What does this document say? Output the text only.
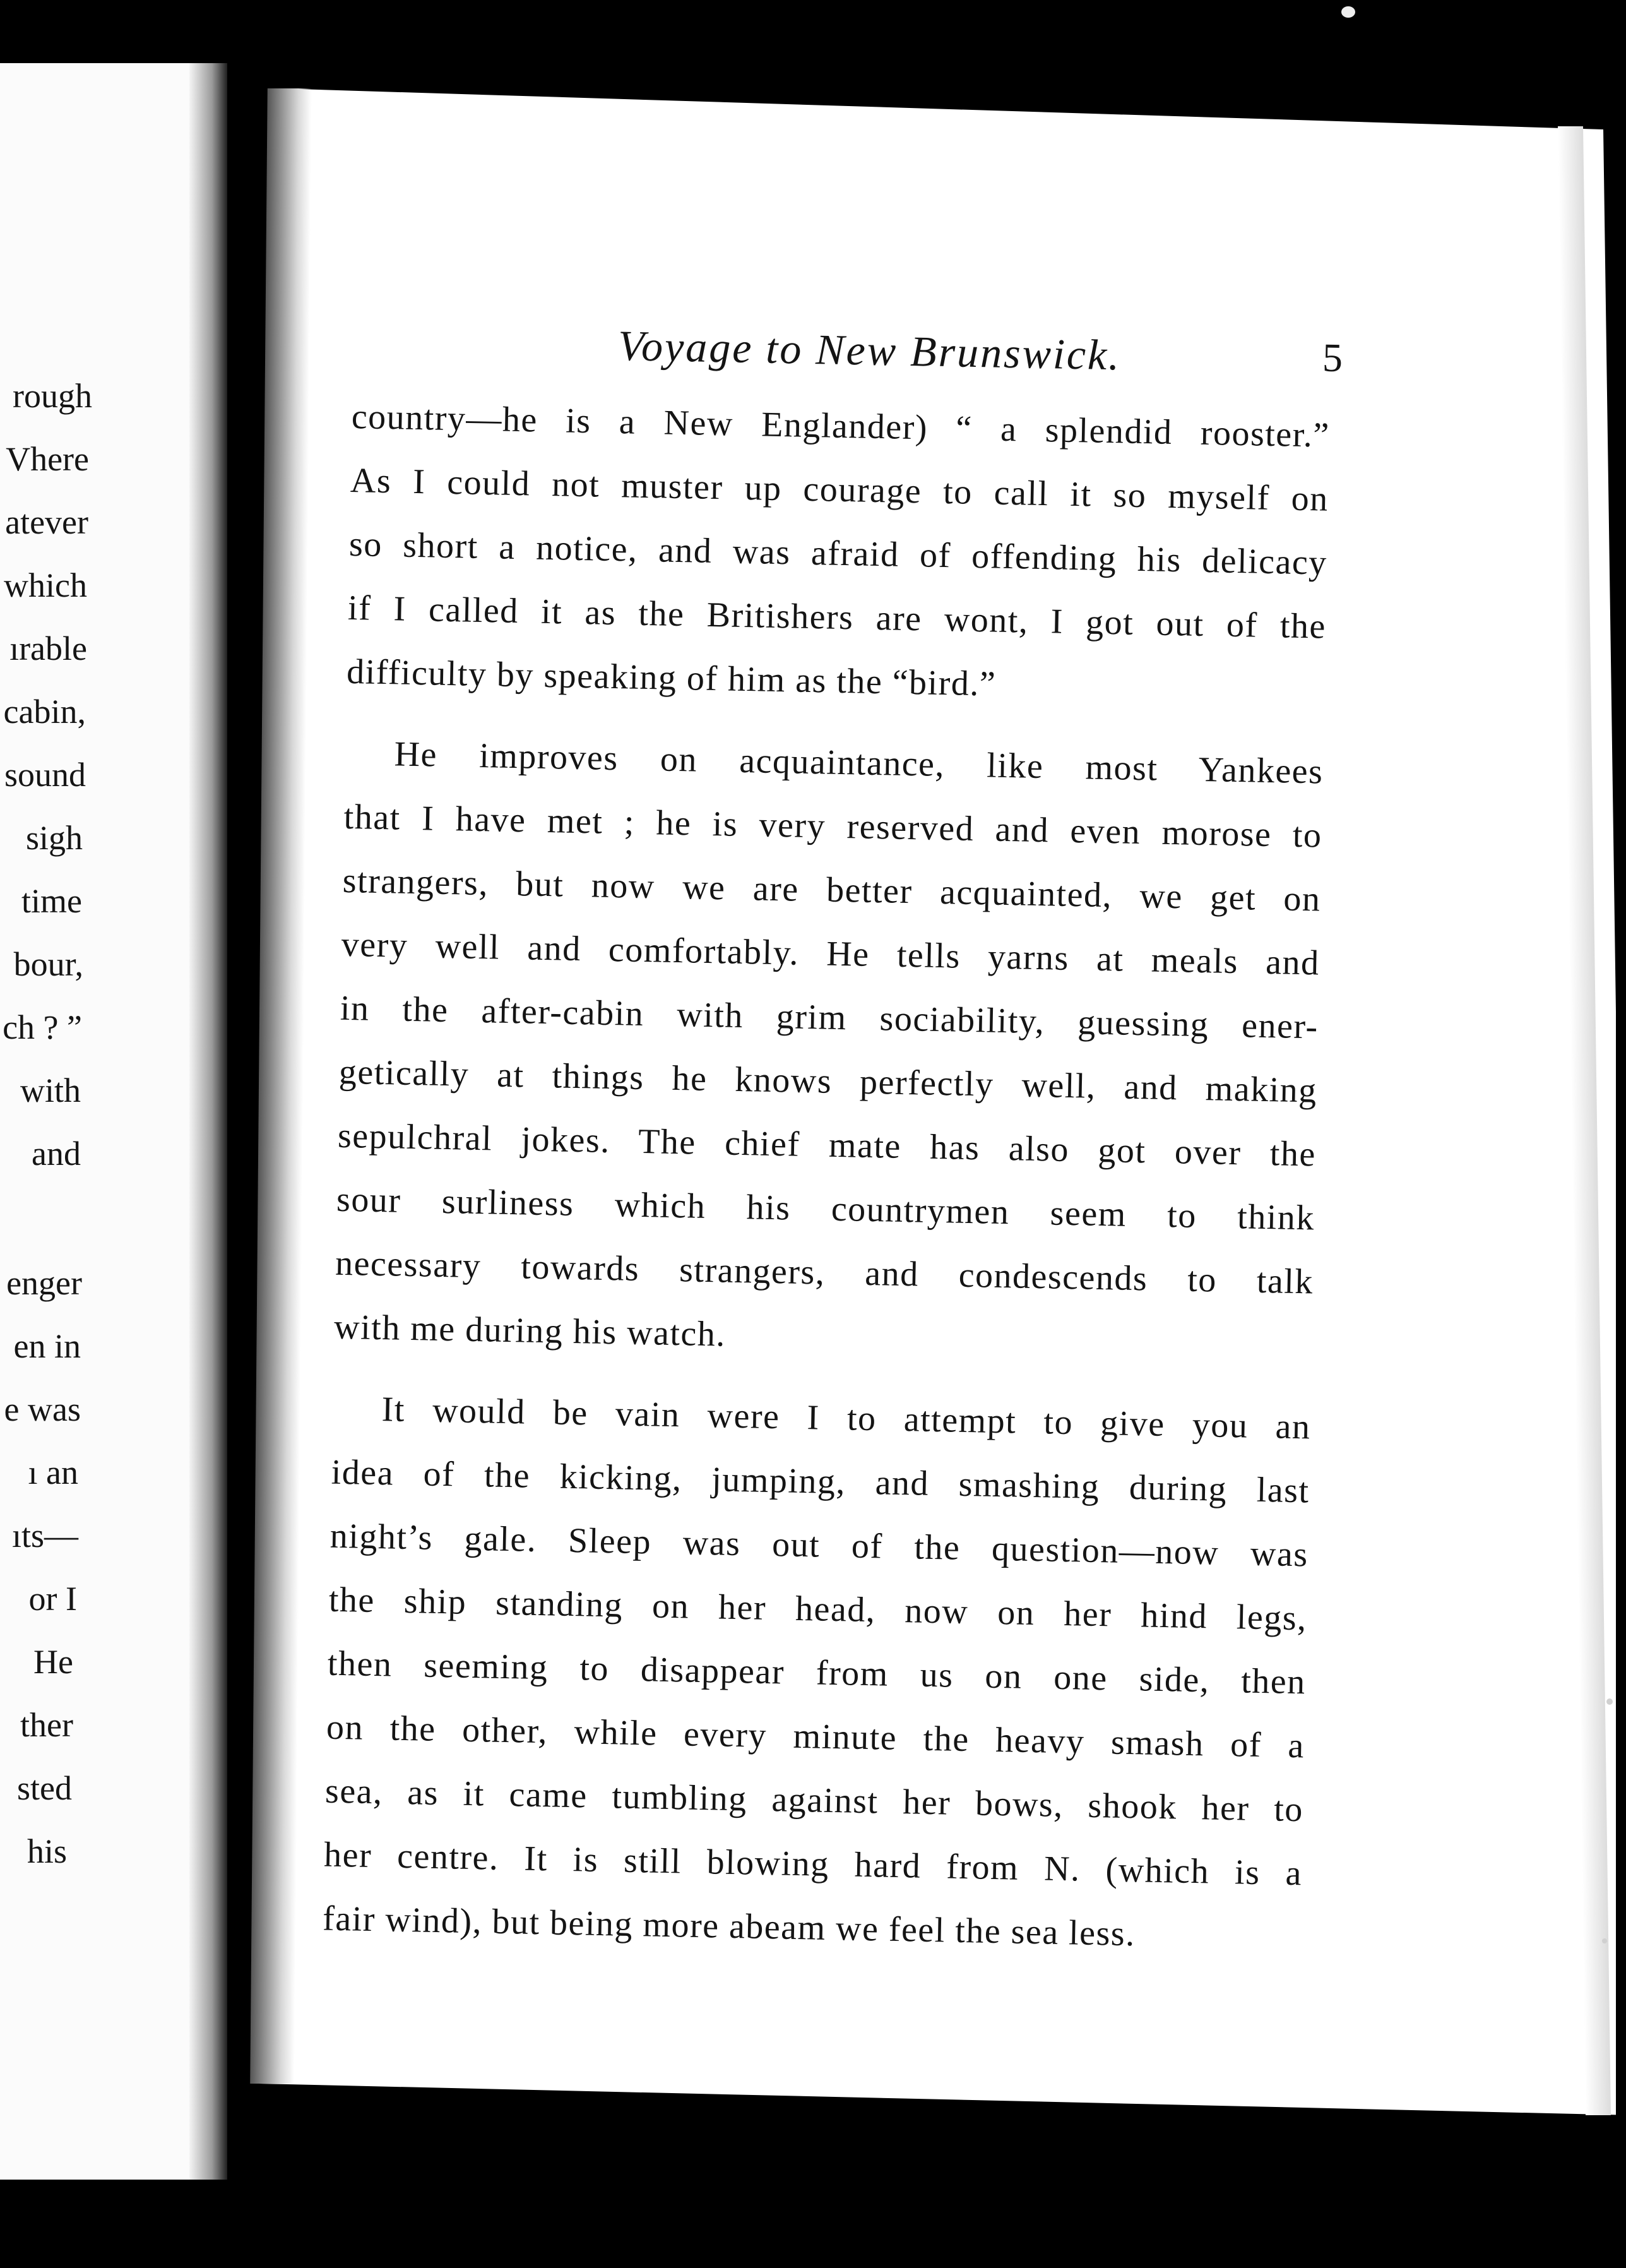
rough
Vhere
atever
which
ırable
cabin,
sound
sigh
time
bour,
ch ? ”
with
and
enger
en in
e was
ı an
ıts—
or I
He
ther
sted
his
Voyage to New Brunswick.	5

country—he is a New Englander) “ a splendid rooster.”
As I could not muster up courage to call it so myself on
so short a notice, and was afraid of offending his delicacy
if I called it as the Britishers are wont, I got out of the
difficulty by speaking of him as the “bird.”

He improves on acquaintance, like most Yankees
that I have met ; he is very reserved and even morose to
strangers, but now we are better acquainted, we get on
very well and comfortably. He tells yarns at meals and
in the after-cabin with grim sociability, guessing ener-
getically at things he knows perfectly well, and making
sepulchral jokes. The chief mate has also got over the
sour surliness which his countrymen seem to think
necessary towards strangers, and condescends to talk
with me during his watch.

It would be vain were I to attempt to give you an
idea of the kicking, jumping, and smashing during last
night’s gale. Sleep was out of the question—now was
the ship standing on her head, now on her hind legs,
then seeming to disappear from us on one side, then
on the other, while every minute the heavy smash of a
sea, as it came tumbling against her bows, shook her to
her centre. It is still blowing hard from N. (which is a
fair wind), but being more abeam we feel the sea less.
